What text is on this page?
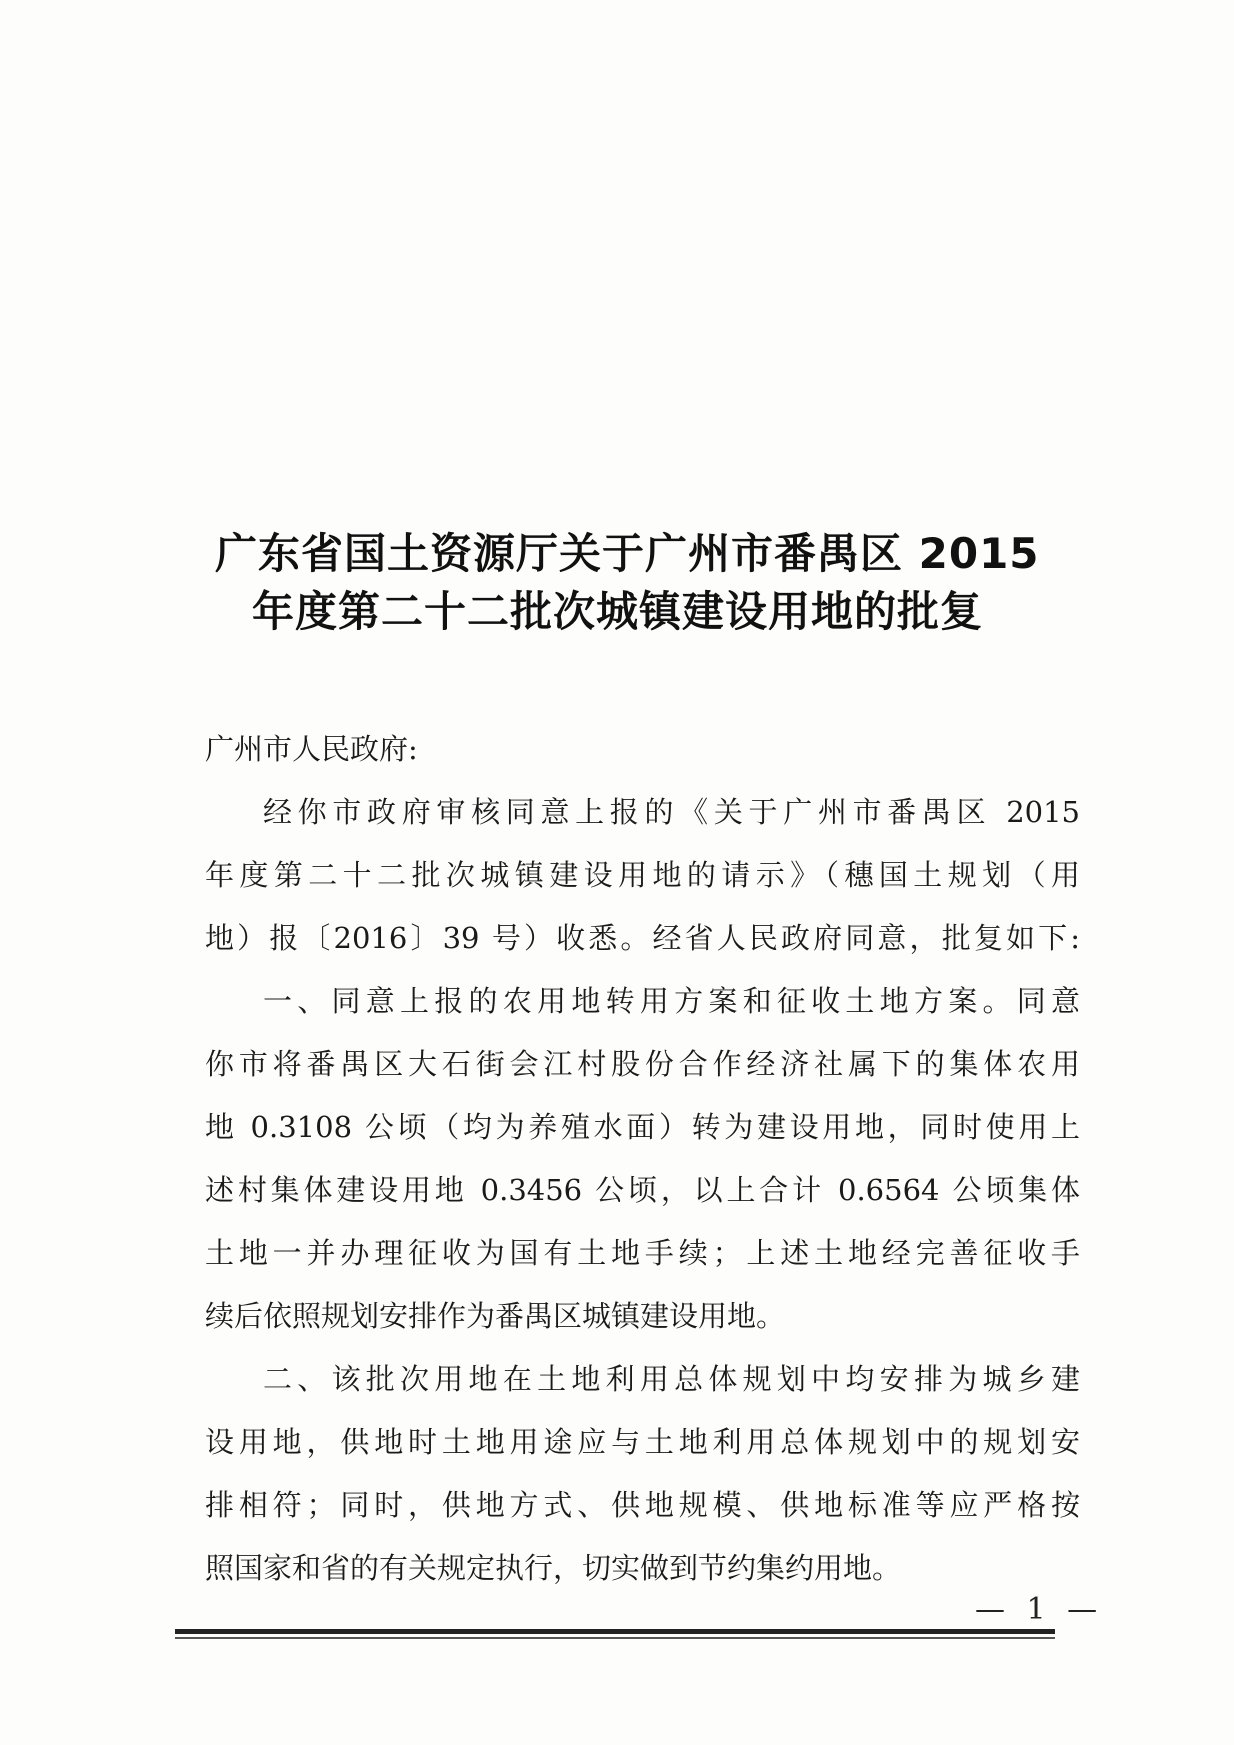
广东省国土资源厅关于广州市番禺区 2015
年度第二十二批次城镇建设用地的批复
广州市人民政府:
经你市政府审核同意上报的《关于广州市番禺区 2015
年度第二十二批次城镇建设用地的请示》（穗国土规划（用
地）报〔2016〕39 号）收悉。经省人民政府同意，批复如下:
一、同意上报的农用地转用方案和征收土地方案。同意
你市将番禺区大石街会江村股份合作经济社属下的集体农用
地 0.3108 公顷（均为养殖水面）转为建设用地，同时使用上
述村集体建设用地 0.3456 公顷，以上合计 0.6564 公顷集体
土地一并办理征收为国有土地手续；上述土地经完善征收手
续后依照规划安排作为番禺区城镇建设用地。
二、该批次用地在土地利用总体规划中均安排为城乡建
设用地，供地时土地用途应与土地利用总体规划中的规划安
排相符；同时，供地方式、供地规模、供地标准等应严格按
照国家和省的有关规定执行，切实做到节约集约用地。
— 1 —
